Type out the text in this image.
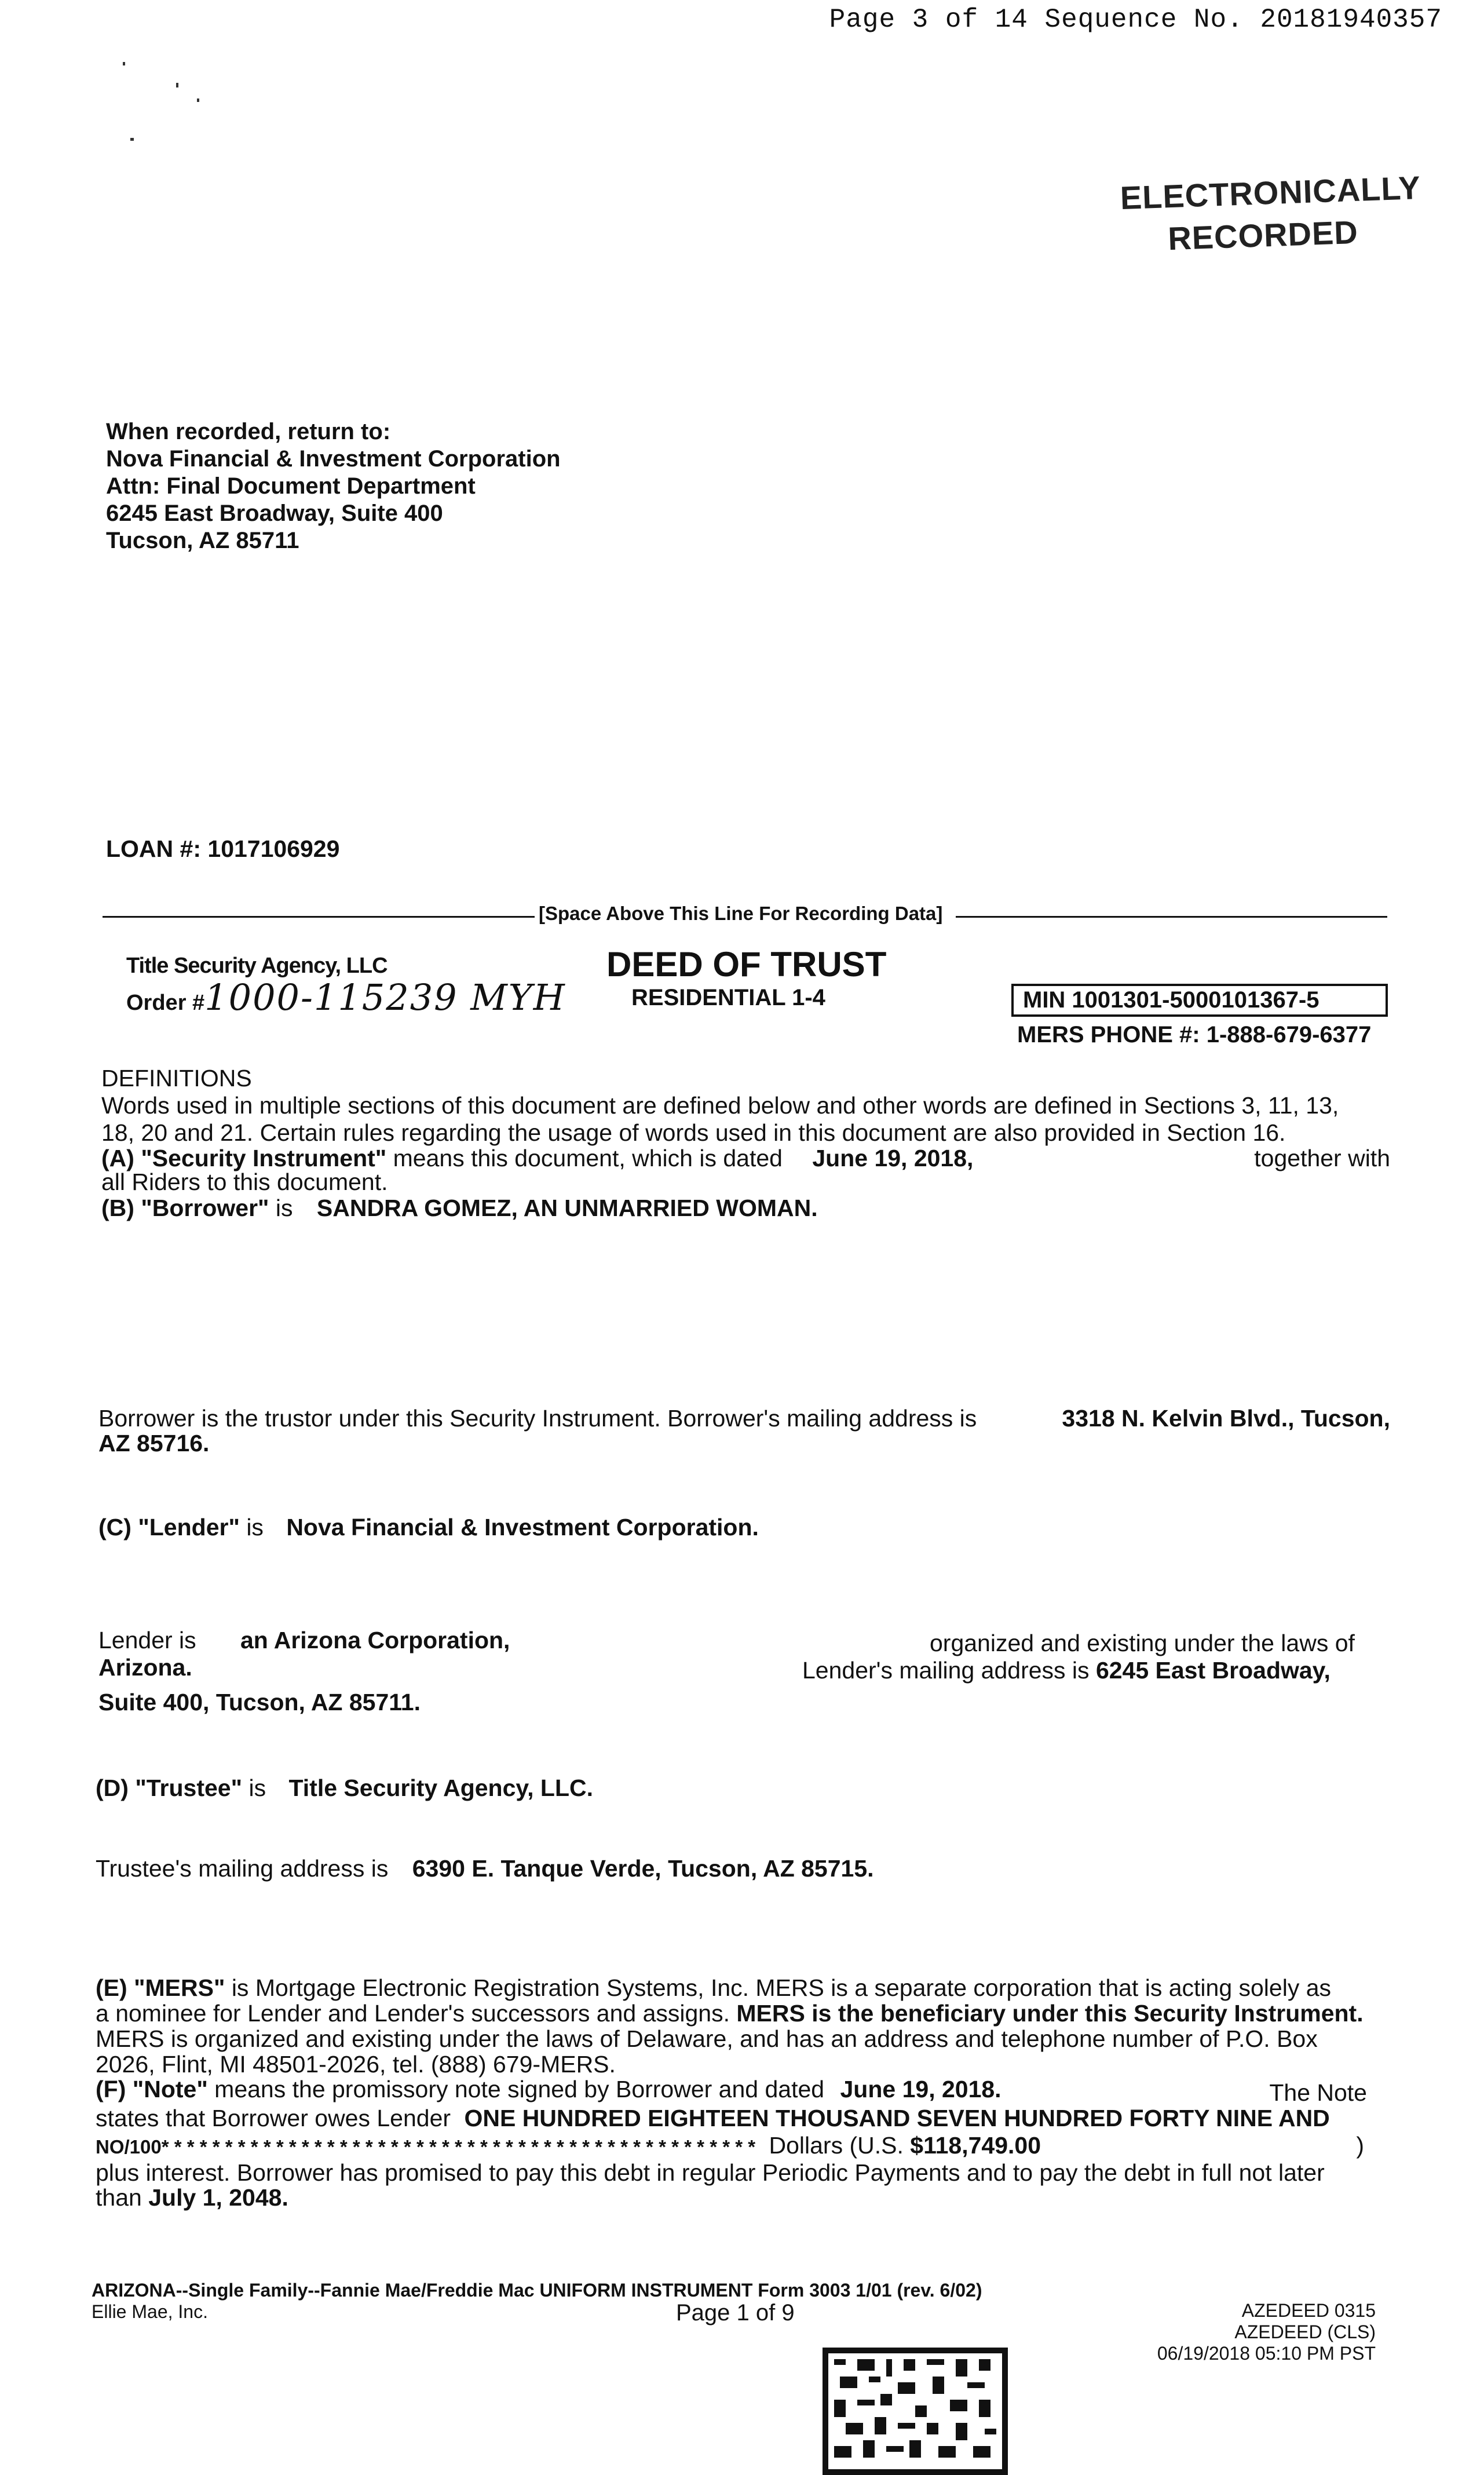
Page 3 of 14 Sequence No. 20181940357
ELECTRONICALLY
RECORDED
When recorded, return to:
Nova Financial & Investment Corporation
Attn: Final Document Department
6245 East Broadway, Suite 400
Tucson, AZ 85711
LOAN #: 1017106929
[Space Above This Line For Recording Data]
Title Security Agency, LLC
Order #1000-115239 MYH
DEED OF TRUST
RESIDENTIAL 1-4	MIN 1001301-5000101367-5
MERS PHONE #: 1-888-679-6377
DEFINITIONS
Words used in multiple sections of this document are defined below and other words are defined in Sections 3, 11, 13,
18, 20 and 21. Certain rules regarding the usage of words used in this document are also provided in Section 16.
(A) "Security Instrument" means this document, which is dated June 19, 2018,	together with
all Riders to this document.
(B) "Borrower" is SANDRA GOMEZ, AN UNMARRIED WOMAN.
Borrower is the trustor under this Security Instrument. Borrower's mailing address is	3318 N. Kelvin Blvd., Tucson,
AZ 85716.
(C) "Lender" is Nova Financial & Investment Corporation.
Lender is an Arizona Corporation,	organized and existing under the laws of
Arizona.	Lender's mailing address is 6245 East Broadway,
Suite 400, Tucson, AZ 85711.
(D) "Trustee" is Title Security Agency, LLC.
Trustee's mailing address is 6390 E. Tanque Verde, Tucson, AZ 85715.
(E) "MERS" is Mortgage Electronic Registration Systems, Inc. MERS is a separate corporation that is acting solely as
a nominee for Lender and Lender's successors and assigns. MERS is the beneficiary under this Security Instrument.
MERS is organized and existing under the laws of Delaware, and has an address and telephone number of P.O. Box
2026, Flint, MI 48501-2026, tel. (888) 679-MERS.
(F) "Note" means the promissory note signed by Borrower and dated June 19, 2018.	The Note
states that Borrower owes Lender ONE HUNDRED EIGHTEEN THOUSAND SEVEN HUNDRED FORTY NINE AND
NO/100* * * * * * * * * * * * * * * * * * * * * * * * * * * * * * * * * * * * * * * * * * * * * * * Dollars (U.S. $118,749.00	)
plus interest. Borrower has promised to pay this debt in regular Periodic Payments and to pay the debt in full not later
than July 1, 2048.
ARIZONA--Single Family--Fannie Mae/Freddie Mac UNIFORM INSTRUMENT Form 3003 1/01 (rev. 6/02)
Ellie Mae, Inc.	Page 1 of 9	AZEDEED 0315
AZEDEED (CLS)
06/19/2018 05:10 PM PST
